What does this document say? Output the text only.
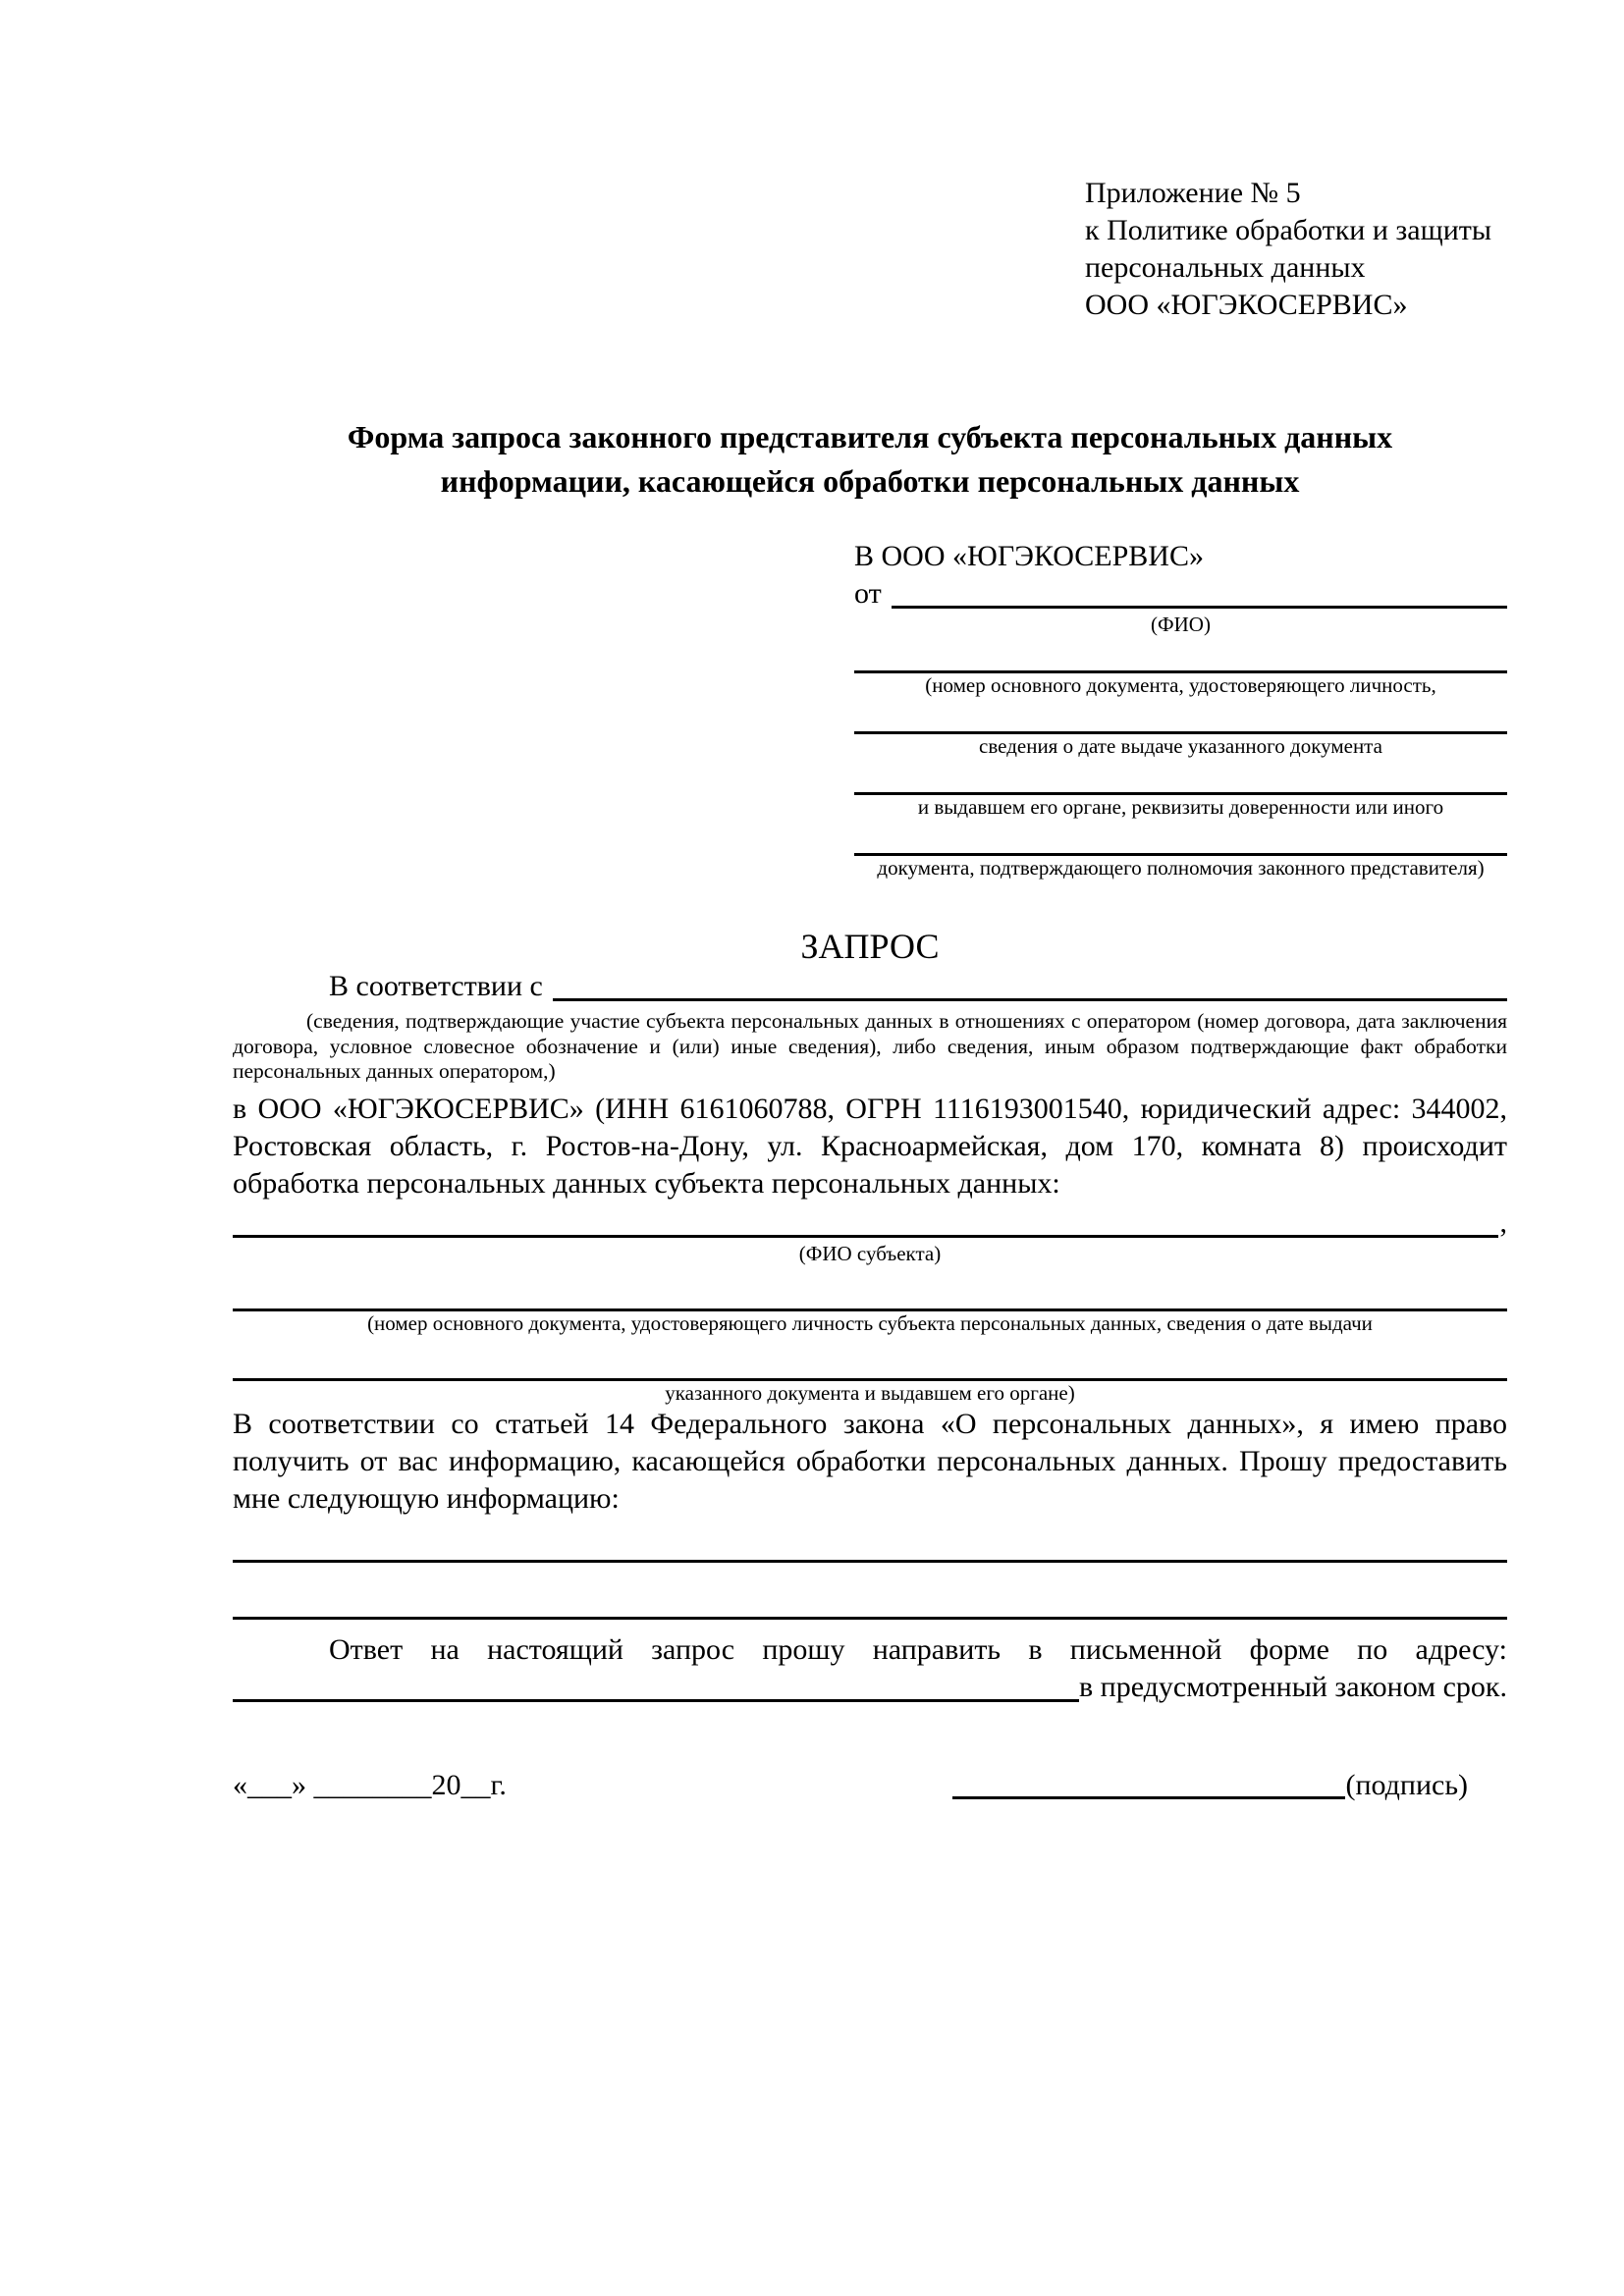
Приложение № 5
к Политике обработки и защиты
персональных данных
ООО «ЮГЭКОСЕРВИС»
Форма запроса законного представителя субъекта персональных данных
информации, касающейся обработки персональных данных
В ООО «ЮГЭКОСЕРВИС»
от
(ФИО)
(номер основного документа, удостоверяющего личность,
сведения о дате выдаче указанного документа
и выдавшем его органе, реквизиты доверенности или иного
документа, подтверждающего полномочия законного представителя)
ЗАПРОС
В соответствии с
(сведения, подтверждающие участие субъекта персональных данных в отношениях с оператором (номер договора, дата заключения договора, условное словесное обозначение и (или) иные сведения), либо сведения, иным образом подтверждающие факт обработки персональных данных оператором,)
в ООО «ЮГЭКОСЕРВИС» (ИНН 6161060788, ОГРН 1116193001540, юридический адрес: 344002, Ростовская область, г. Ростов-на-Дону, ул. Красноармейская, дом 170, комната 8) происходит обработка персональных данных субъекта персональных данных:
,
(ФИО субъекта)
(номер основного документа, удостоверяющего личность субъекта персональных данных, сведения о дате выдачи
указанного документа и выдавшем его органе)
В соответствии со статьей 14 Федерального закона «О персональных данных», я имею право получить от вас информацию, касающейся обработки персональных данных. Прошу предоставить мне следующую информацию:
Ответ на настоящий запрос прошу направить в письменной форме по адресу:
в предусмотренный законом срок.
«___» ________20__г.	(подпись)
